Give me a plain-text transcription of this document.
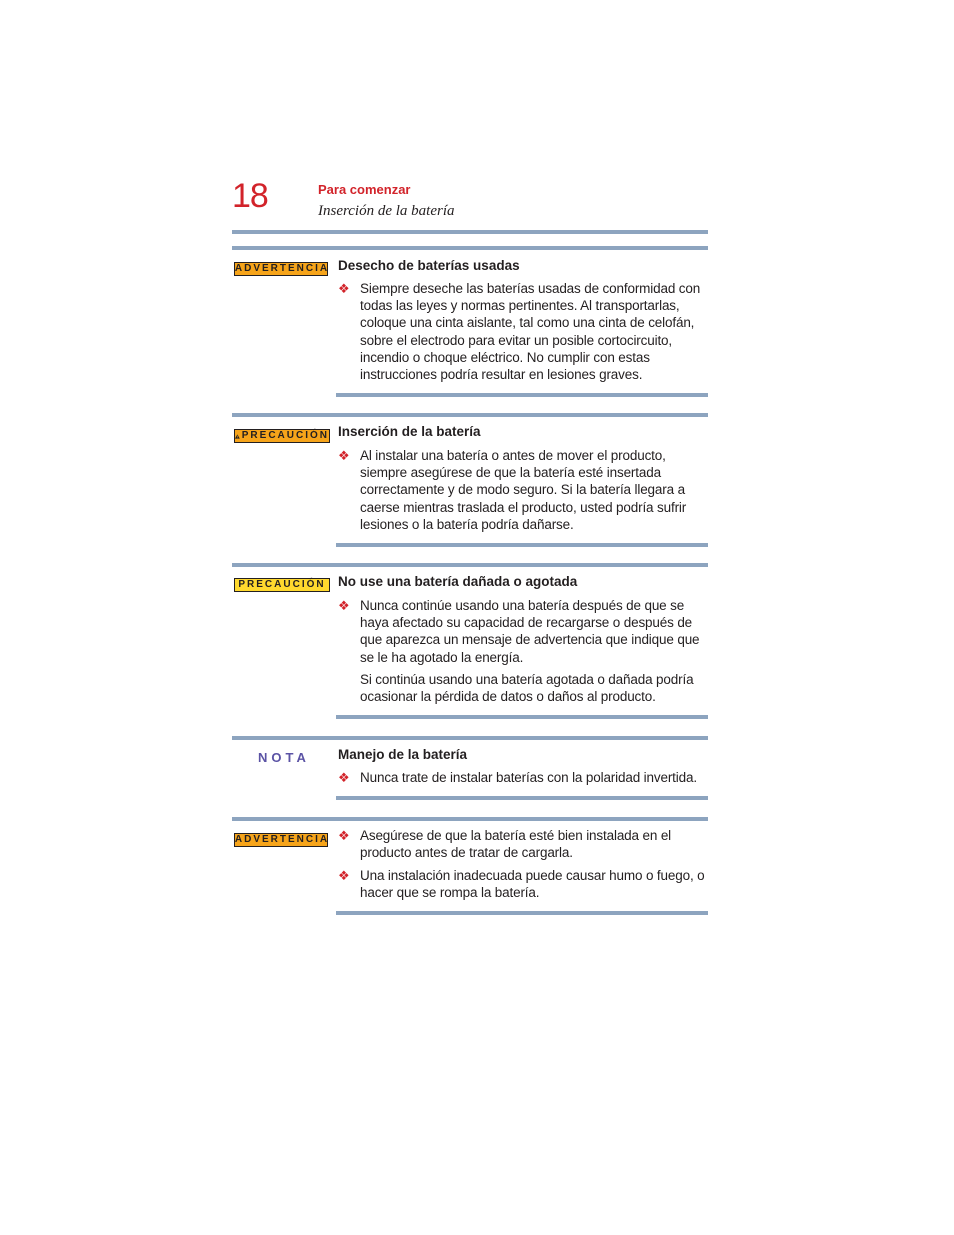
18	Para comenzar
Inserción de la batería
ADVERTENCIA Desecho de baterías usadas
❖ Siempre deseche las baterías usadas de conformidad con todas las leyes y normas pertinentes. Al transportarlas, coloque una cinta aislante, tal como una cinta de celofán, sobre el electrodo para evitar un posible cortocircuito, incendio o choque eléctrico. No cumplir con estas instrucciones podría resultar en lesiones graves.
PRECAUCIÓN Inserción de la batería
❖ Al instalar una batería o antes de mover el producto, siempre asegúrese de que la batería esté insertada correctamente y de modo seguro. Si la batería llegara a caerse mientras traslada el producto, usted podría sufrir lesiones o la batería podría dañarse.
PRECAUCIÓN No use una batería dañada o agotada
❖ Nunca continúe usando una batería después de que se haya afectado su capacidad de recargarse o después de que aparezca un mensaje de advertencia que indique que se le ha agotado la energía.
Si continúa usando una batería agotada o dañada podría ocasionar la pérdida de datos o daños al producto.
NOTA Manejo de la batería
❖ Nunca trate de instalar baterías con la polaridad invertida.
ADVERTENCIA ❖ Asegúrese de que la batería esté bien instalada en el producto antes de tratar de cargarla.
❖ Una instalación inadecuada puede causar humo o fuego, o hacer que se rompa la batería.
